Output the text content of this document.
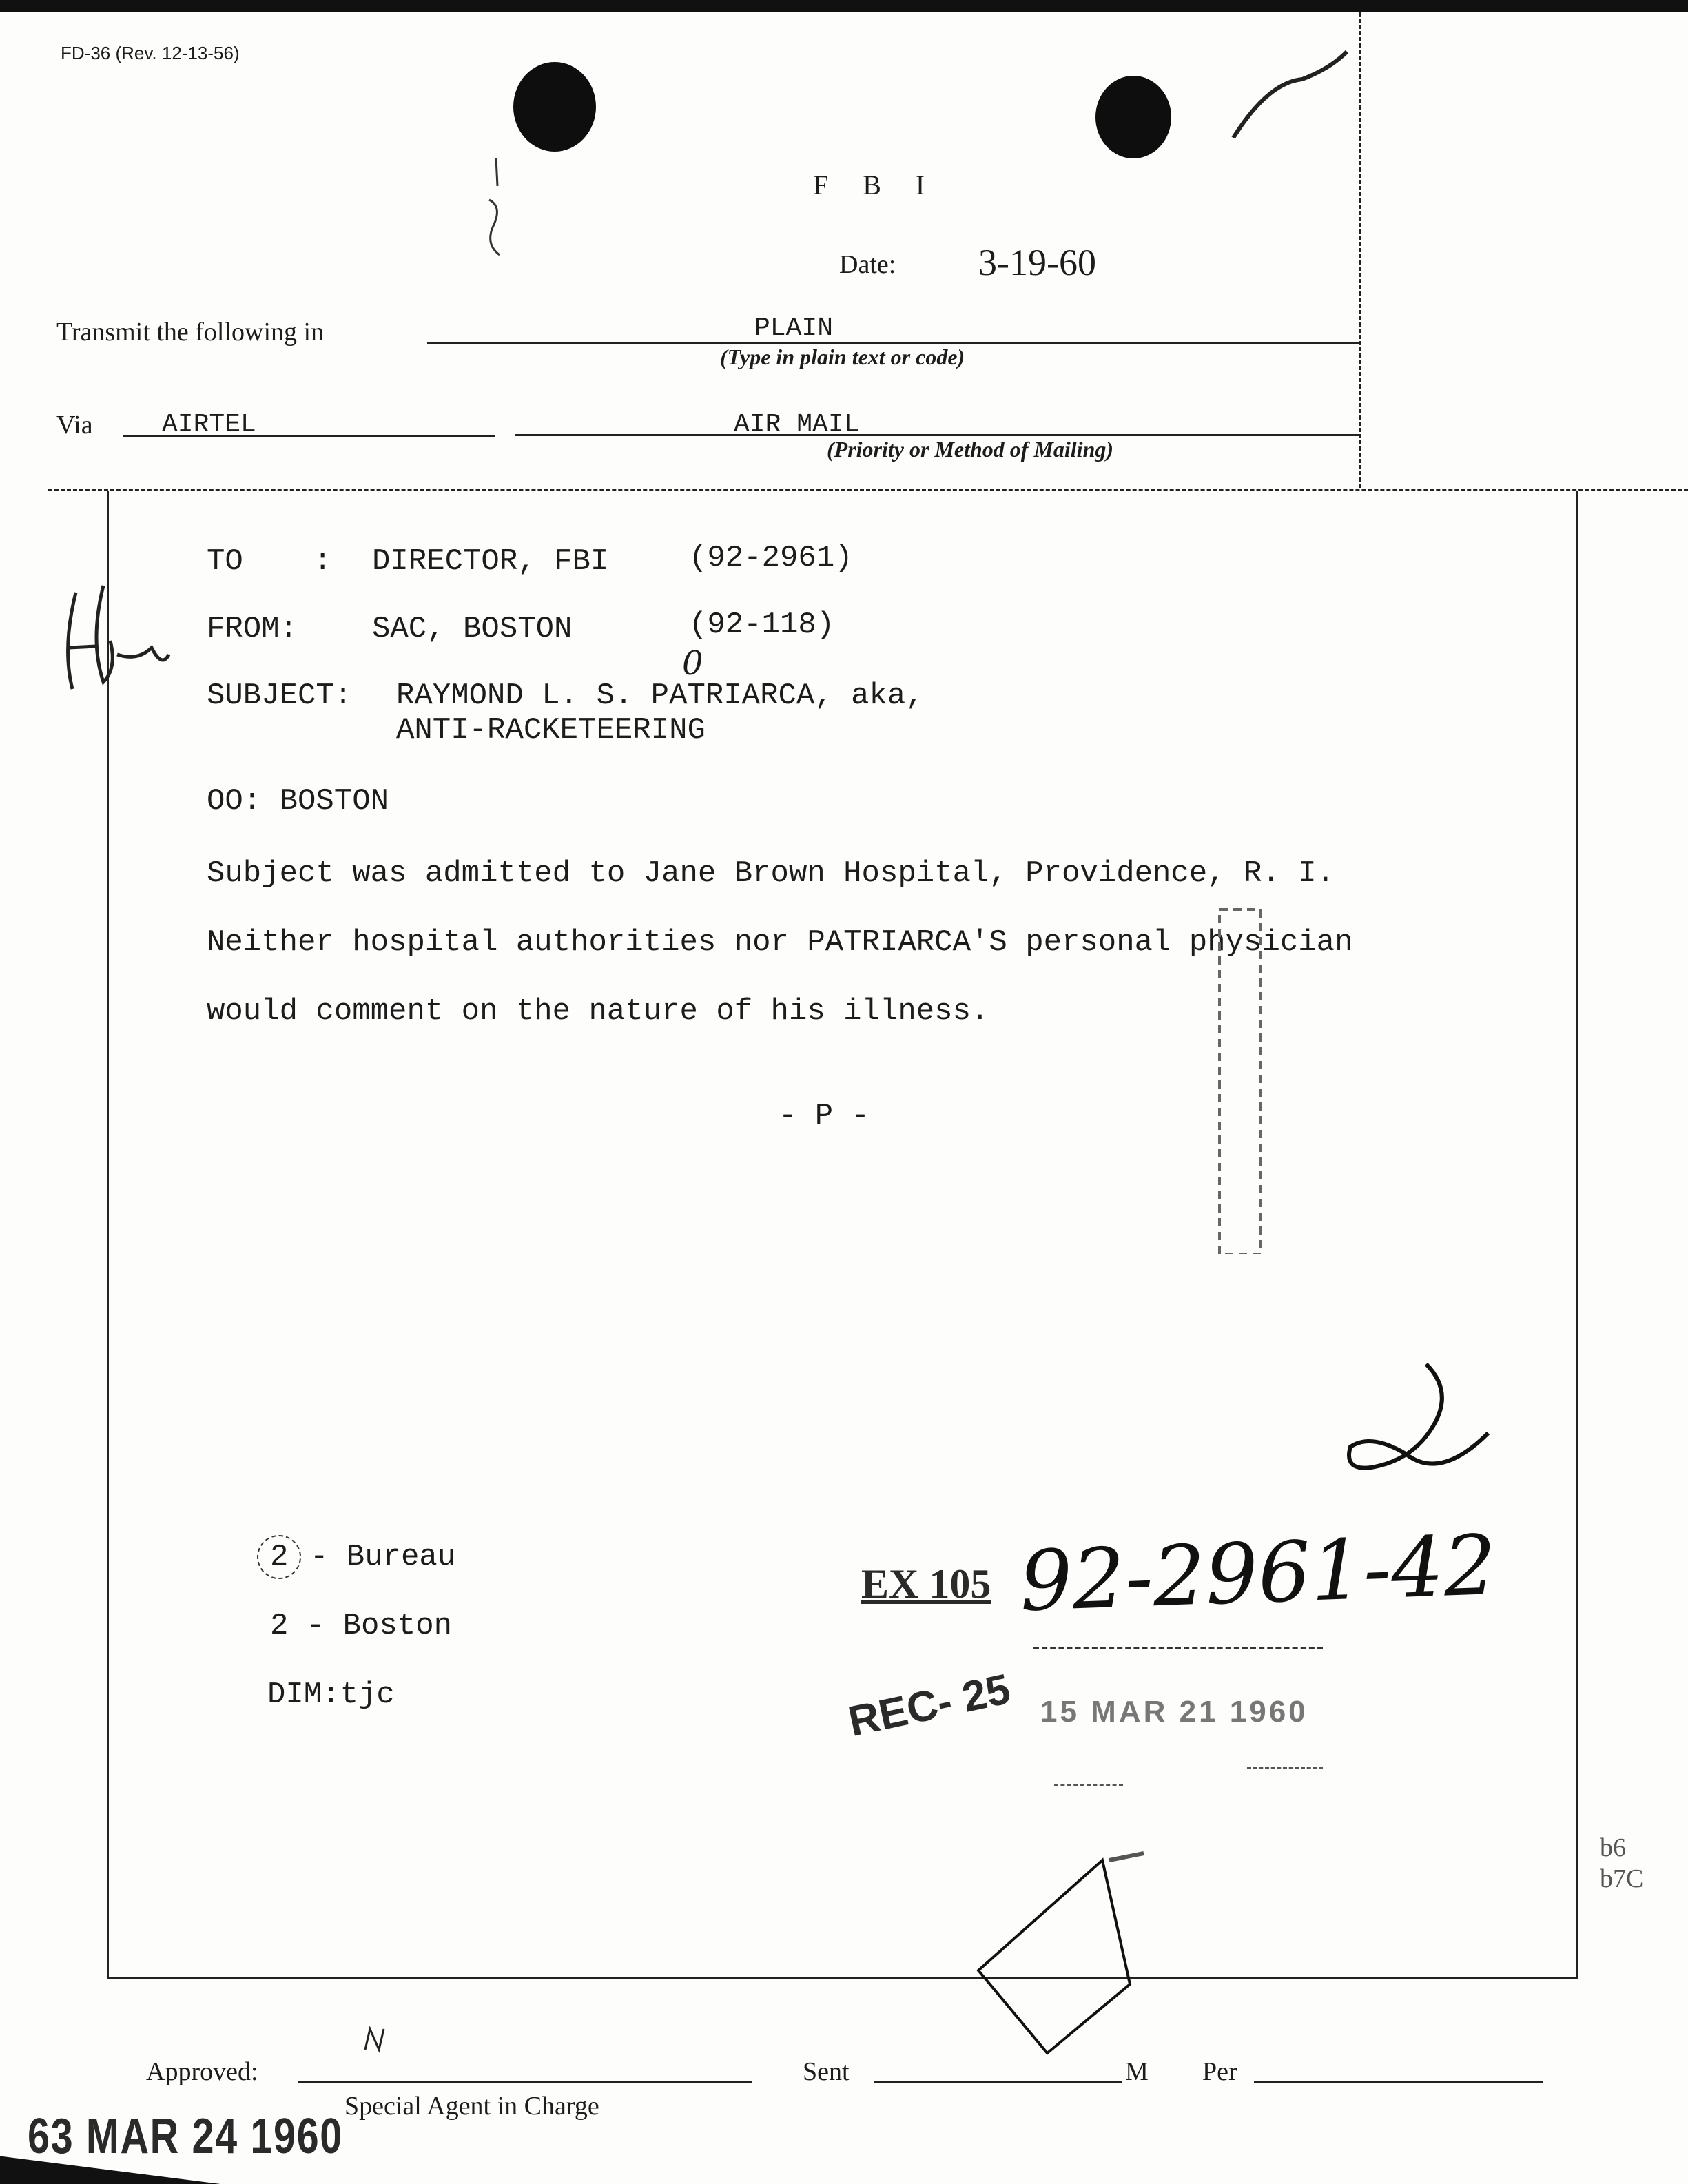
FD-36 (Rev. 12-13-56)
F B I
Date: 3-19-60
Transmit the following in	PLAIN
(Type in plain text or code)
Via	AIRTEL	AIR MAIL
(Priority or Method of Mailing)
TO : DIRECTOR, FBI	(92-2961)
FROM: SAC, BOSTON	(92-118)
0
SUBJECT: RAYMOND L. S. PATRIARCA, aka,
ANTI-RACKETEERING
OO: BOSTON
Subject was admitted to Jane Brown Hospital, Providence, R. I.
Neither hospital authorities nor PATRIARCA'S personal physician
would comment on the nature of his illness.
- P -
2 - Bureau
2 - Boston
DIM:tjc
EX 105 92-2961-42
REC- 25 15 MAR 21 1960
b6
b7C
Approved:
Special Agent in Charge
Sent	M Per
63 MAR 24 1960
